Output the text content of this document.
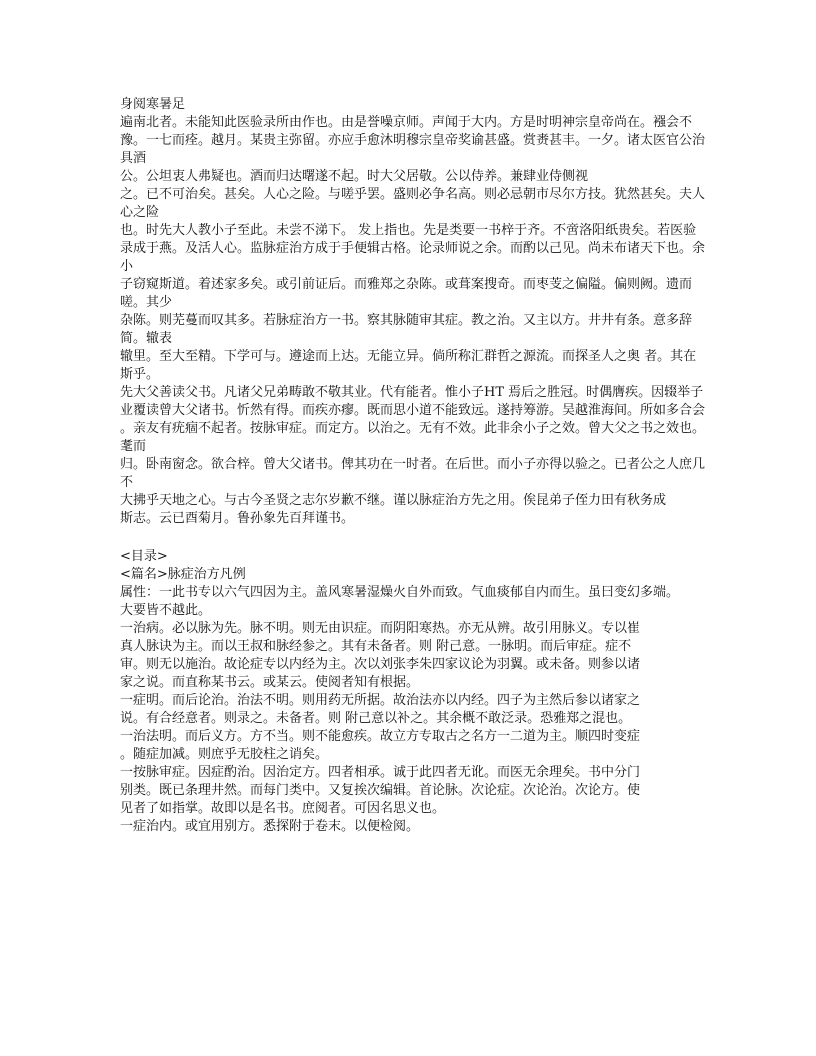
身阅寒暑足

遍南北者。未能知此医验录所由作也。由是誉噪京师。声闻于大内。方是时明神宗皇帝尚在。襁会不

豫。一七而痊。越月。某贵主弥留。亦应手愈沐明穆宗皇帝奖谕甚盛。赏赉甚丰。一夕。诸太医官公治具酒

公。公坦衷人弗疑也。酒而归达曙遂不起。时大父居敬。公以侍养。兼肆业侍侧视

之。已不可治矣。甚矣。人心之险。与嗟乎罢。盛则必争名高。则必忌朝市尽尔方技。犹然甚矣。夫人心之险

也。时先大人教小子至此。未尝不涕下。 发上指也。先是类要一书梓于齐。不啻洛阳纸贵矣。若医验

录成于燕。及活人心。监脉症治方成于手便辑古格。论录师说之余。而酌以己见。尚未布诸天下也。余小

子窃窥斯道。着述家多矣。或引前证后。而雅郑之杂陈。或葺案搜奇。而枣芰之偏隘。偏则阙。遗而嗟。其少

杂陈。则芜蔓而叹其多。若脉症治方一书。察其脉随审其症。教之治。又主以方。井井有条。意多辞简。辙表

辙里。至大至精。下学可与。遵途而上达。无能立异。倘所称汇群哲之源流。而探圣人之奥 者。其在斯乎。

先大父善读父书。凡诸父兄弟畴敢不敬其业。代有能者。惟小子HT 焉后之胜冠。时偶膺疾。因辍举子

业覆读曾大父诸书。忻然有得。而疾亦瘳。既而思小道不能致远。遂持筹游。吴越淮海间。所如多合会

。亲友有疣痼不起者。按脉审症。而定方。以治之。无有不效。此非余小子之效。曾大父之书之效也。耄而

归。卧南窗念。欲合梓。曾大父诸书。俾其功在一时者。在后世。而小子亦得以验之。已者公之人庶几不

大拂乎天地之心。与古今圣贤之志尔岁歉不继。谨以脉症治方先之用。俟昆弟子侄力田有秋务成

斯志。云已酉菊月。鲁孙象先百拜谨书。

<目录>

<篇名>脉症治方凡例

属性：一此书专以六气四因为主。盖风寒暑湿燥火自外而致。气血痰郁自内而生。虽曰变幻多端。

大要皆不越此。

一治病。必以脉为先。脉不明。则无由识症。而阴阳寒热。亦无从辨。故引用脉义。专以崔

真人脉诀为主。而以王叔和脉经参之。其有未备者。则 附己意。一脉明。而后审症。症不

审。则无以施治。故论症专以内经为主。次以刘张李朱四家议论为羽翼。或未备。则参以诸

家之说。而直称某书云。或某云。使阅者知有根据。

一症明。而后论治。治法不明。则用药无所据。故治法亦以内经。四子为主然后参以诸家之

说。有合经意者。则录之。未备者。则 附己意以补之。其余概不敢泛录。恐雅郑之混也。

一治法明。而后义方。方不当。则不能愈疾。故立方专取古之名方一二道为主。顺四时变症

。随症加减。则庶乎无胶柱之诮矣。

一按脉审症。因症酌治。因治定方。四者相承。诚于此四者无讹。而医无余理矣。书中分门

别类。既已条理井然。而每门类中。又复挨次编辑。首论脉。次论症。次论治。次论方。使

见者了如指掌。故即以是名书。庶阅者。可因名思义也。

一症治内。或宜用别方。悉探附于卷末。以便检阅。
